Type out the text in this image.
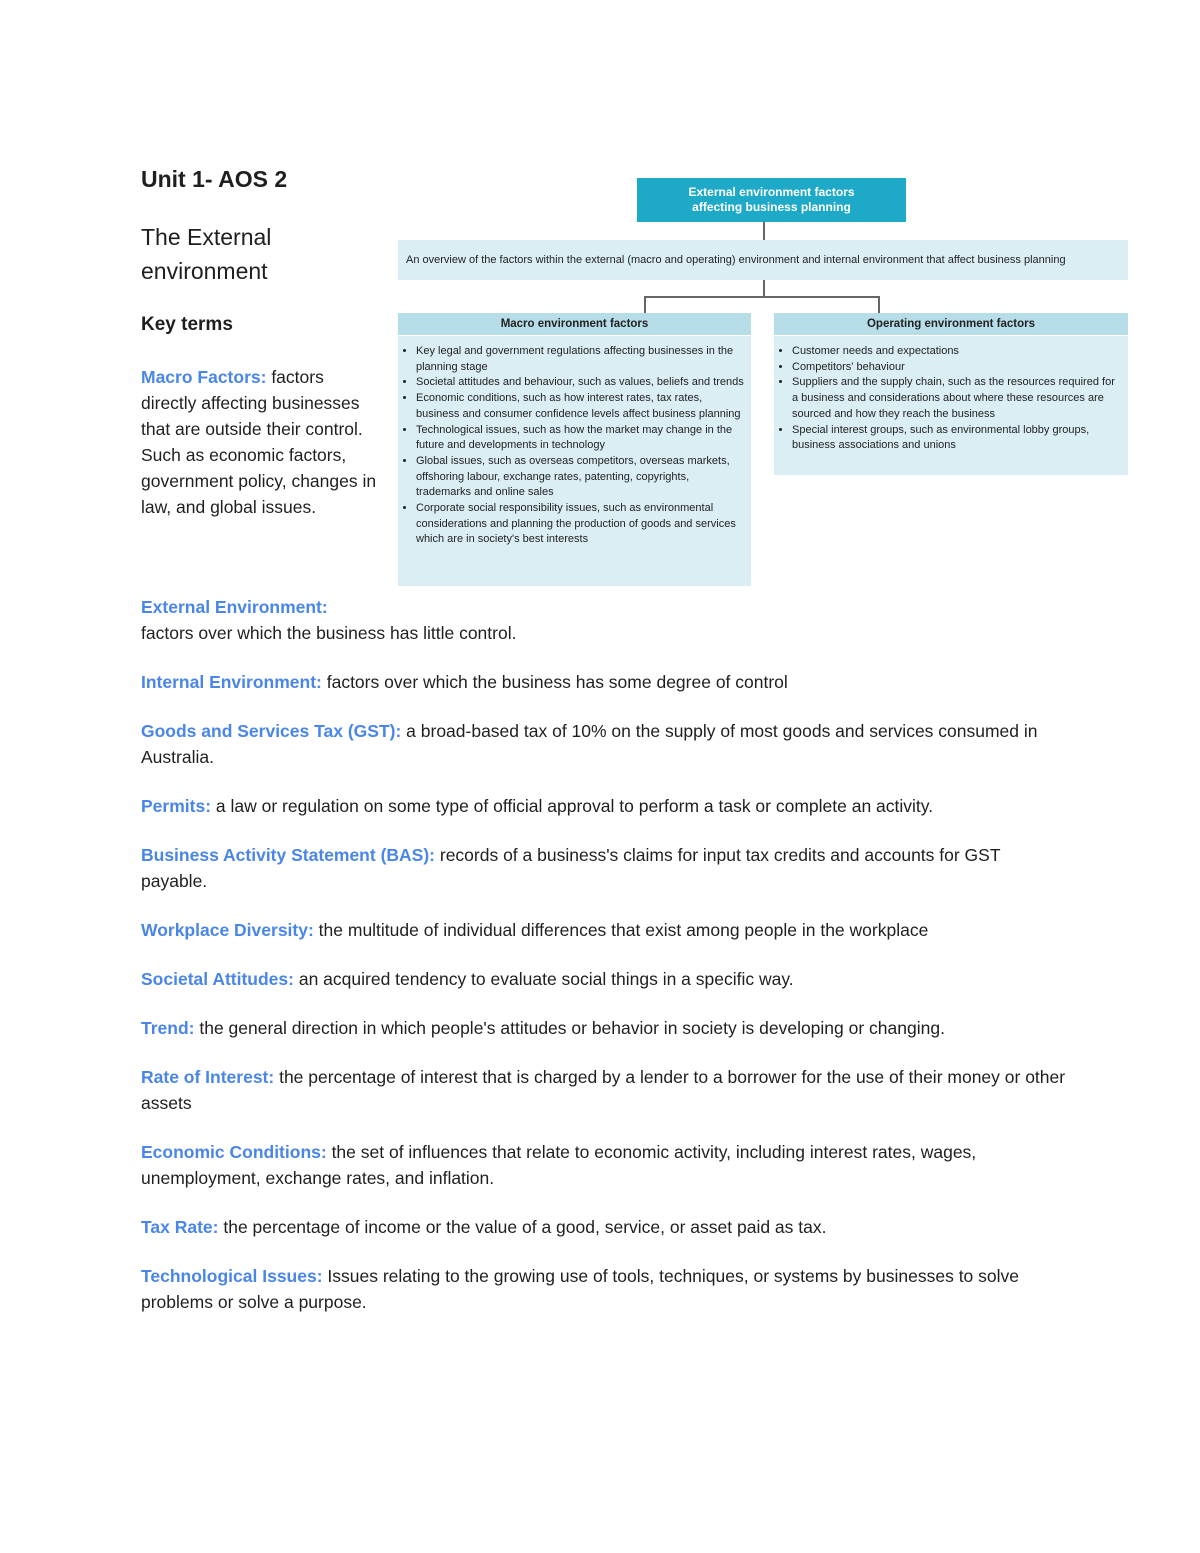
Unit 1- AOS 2
The External environment
Key terms
Macro Factors: factors directly affecting businesses that are outside their control. Such as economic factors, government policy, changes in law, and global issues.
External environment factors
affecting business planning
An overview of the factors within the external (macro and operating) environment and internal environment that affect business planning
Macro environment factors
• Key legal and government regulations affecting businesses in the planning stage
• Societal attitudes and behaviour, such as values, beliefs and trends
• Economic conditions, such as how interest rates, tax rates, business and consumer confidence levels affect business planning
• Technological issues, such as how the market may change in the future and developments in technology
• Global issues, such as overseas competitors, overseas markets, offshoring labour, exchange rates, patenting, copyrights, trademarks and online sales
• Corporate social responsibility issues, such as environmental considerations and planning the production of goods and services which are in society's best interests
Operating environment factors
• Customer needs and expectations
• Competitors' behaviour
• Suppliers and the supply chain, such as the resources required for a business and considerations about where these resources are sourced and how they reach the business
• Special interest groups, such as environmental lobby groups, business associations and unions

External Environment:
factors over which the business has little control.

Internal Environment: factors over which the business has some degree of control

Goods and Services Tax (GST): a broad-based tax of 10% on the supply of most goods and services consumed in Australia.

Permits: a law or regulation on some type of official approval to perform a task or complete an activity.

Business Activity Statement (BAS): records of a business's claims for input tax credits and accounts for GST payable.

Workplace Diversity: the multitude of individual differences that exist among people in the workplace

Societal Attitudes: an acquired tendency to evaluate social things in a specific way.

Trend: the general direction in which people's attitudes or behavior in society is developing or changing.

Rate of Interest: the percentage of interest that is charged by a lender to a borrower for the use of their money or other assets

Economic Conditions: the set of influences that relate to economic activity, including interest rates, wages, unemployment, exchange rates, and inflation.

Tax Rate: the percentage of income or the value of a good, service, or asset paid as tax.

Technological Issues: Issues relating to the growing use of tools, techniques, or systems by businesses to solve problems or solve a purpose.
